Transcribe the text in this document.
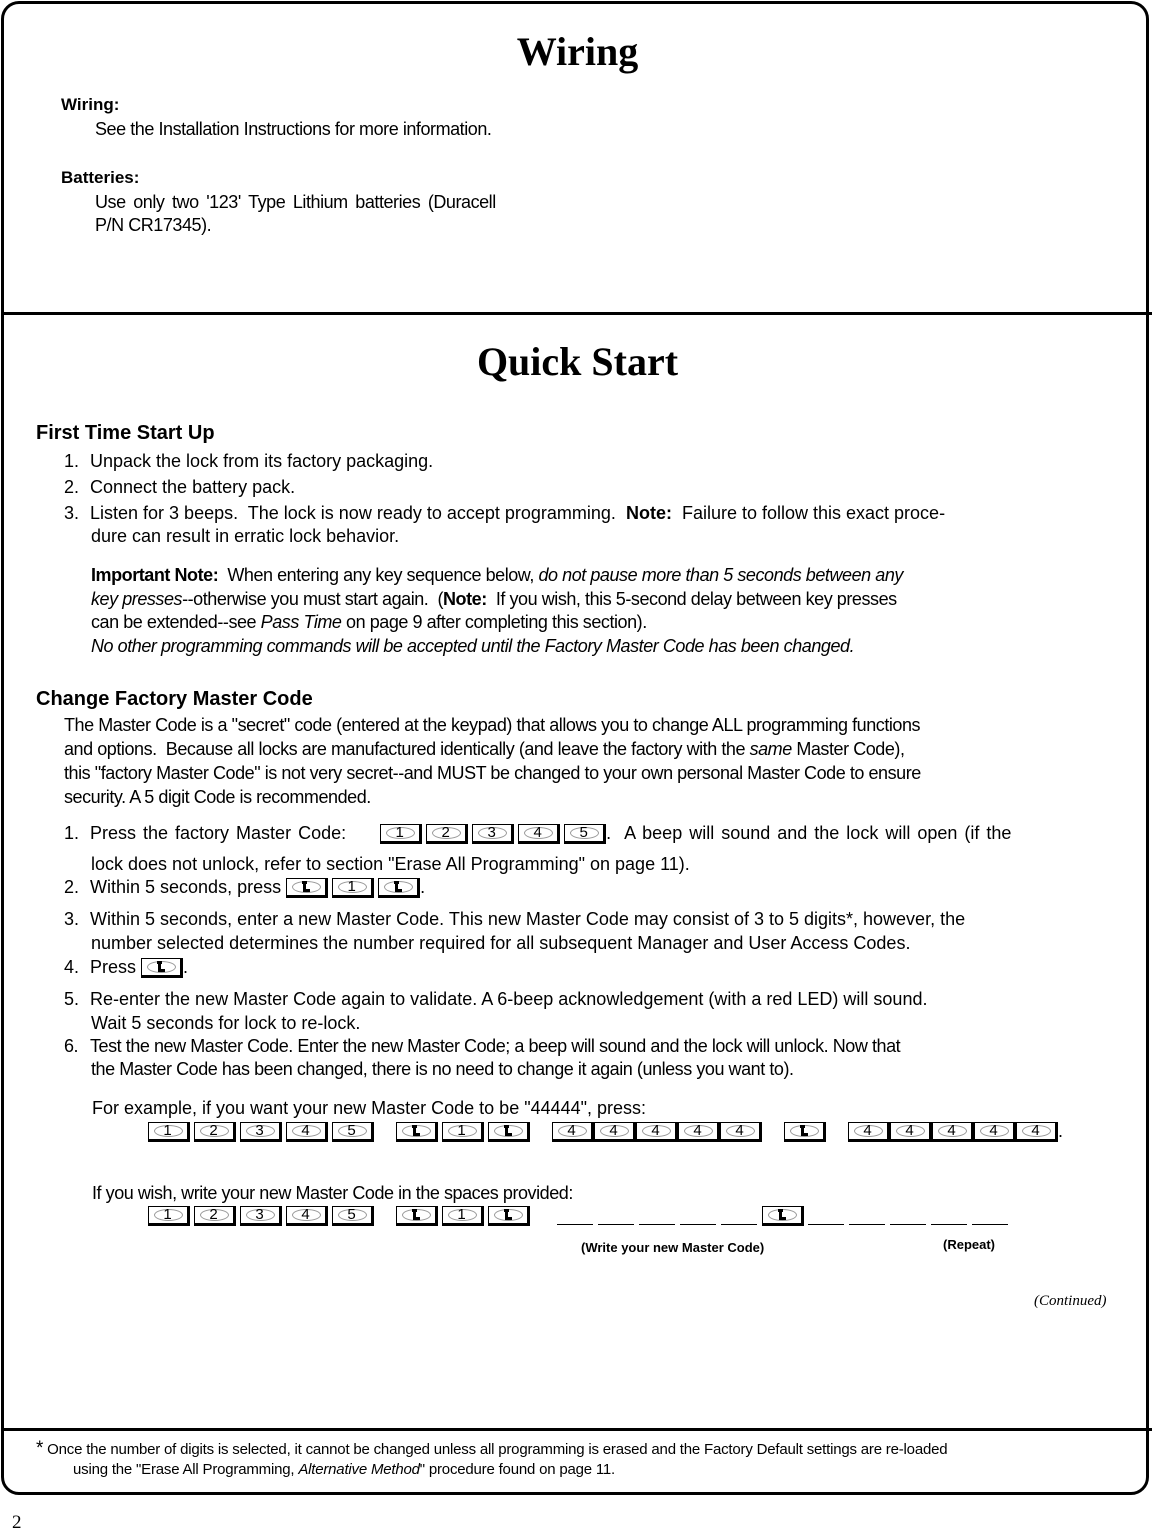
Wiring
Wiring:
See the Installation Instructions for more information.
Batteries:
Use only two '123' Type Lithium batteries (Duracell
P/N CR17345).
Quick Start
First Time Start Up
1. Unpack the lock from its factory packaging.
2. Connect the battery pack.
3. Listen for 3 beeps.  The lock is now ready to accept programming.  Note:  Failure to follow this exact proce-
dure can result in erratic lock behavior.
Important Note:  When entering any key sequence below, do not pause more than 5 seconds between any
key presses--otherwise you must start again.  (Note:  If you wish, this 5-second delay between key presses
can be extended--see Pass Time on page 9 after completing this section).
No other programming commands will be accepted until the Factory Master Code has been changed.
Change Factory Master Code
The Master Code is a "secret" code (entered at the keypad) that allows you to change ALL programming functions
and options.  Because all locks are manufactured identically (and leave the factory with the same Master Code),
this "factory Master Code" is not very secret--and MUST be changed to your own personal Master Code to ensure
security. A 5 digit Code is recommended.
1. Press the factory Master Code:	1	2	3	4	5	.  A beep will sound and the lock will open (if the
lock does not unlock, refer to section "Erase All Programming" on page 11).
2. Within 5 seconds, press	1	.
3. Within 5 seconds, enter a new Master Code. This new Master Code may consist of 3 to 5 digits*, however, the
number selected determines the number required for all subsequent Manager and User Access Codes.
4. Press	.
5. Re-enter the new Master Code again to validate. A 6-beep acknowledgement (with a red LED) will sound.
Wait 5 seconds for lock to re-lock.
6. Test the new Master Code. Enter the new Master Code; a beep will sound and the lock will unlock. Now that
the Master Code has been changed, there is no need to change it again (unless you want to).
For example, if you want your new Master Code to be "44444", press:
1	2	3	4	5	1	4	4	4	4	4	4	4	4	4	4	.
If you wish, write your new Master Code in the spaces provided:
1	2	3	4	5	1

(Write your new Master Code)	(Repeat)
(Continued)
* Once the number of digits is selected, it cannot be changed unless all programming is erased and the Factory Default settings are re-loaded
using the "Erase All Programming, Alternative Method" procedure found on page 11.
2
